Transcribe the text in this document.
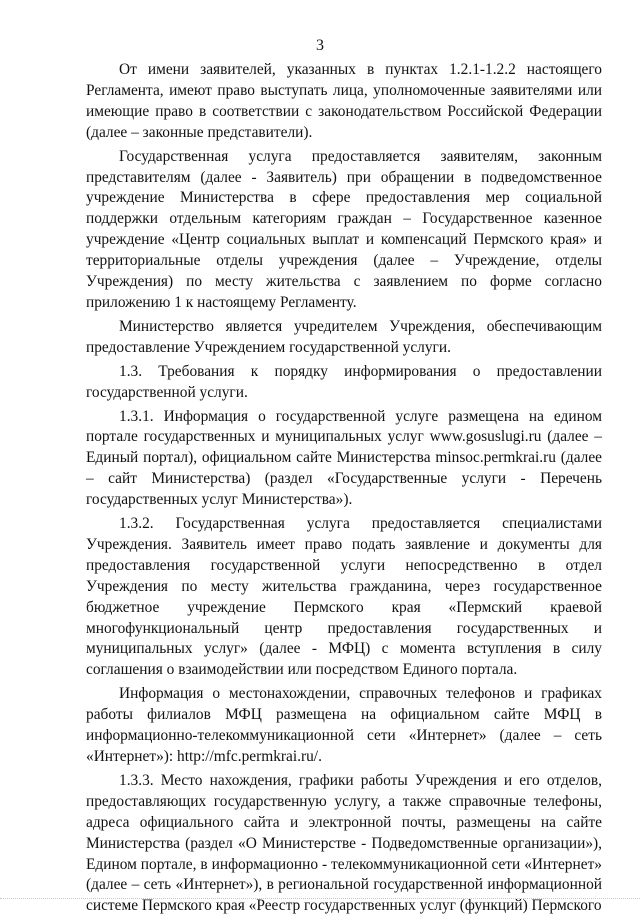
3

От имени заявителей, указанных в пунктах 1.2.1-1.2.2 настоящего Регламента, имеют право выступать лица, уполномоченные заявителями или имеющие право в соответствии с законодательством Российской Федерации (далее – законные представители).

Государственная услуга предоставляется заявителям, законным представителям (далее - Заявитель) при обращении в подведомственное учреждение Министерства в сфере предоставления мер социальной поддержки отдельным категориям граждан – Государственное казенное учреждение «Центр социальных выплат и компенсаций Пермского края» и территориальные отделы учреждения (далее – Учреждение, отделы Учреждения) по месту жительства с заявлением по форме согласно приложению 1 к настоящему Регламенту.

Министерство является учредителем Учреждения, обеспечивающим предоставление Учреждением государственной услуги.

1.3. Требования к порядку информирования о предоставлении государственной услуги.

1.3.1. Информация о государственной услуге размещена на едином портале государственных и муниципальных услуг www.gosuslugi.ru (далее – Единый портал), официальном сайте Министерства minsoc.permkrai.ru (далее – сайт Министерства) (раздел «Государственные услуги - Перечень государственных услуг Министерства»).

1.3.2. Государственная услуга предоставляется специалистами Учреждения. Заявитель имеет право подать заявление и документы для предоставления государственной услуги непосредственно в отдел Учреждения по месту жительства гражданина, через государственное бюджетное учреждение Пермского края «Пермский краевой многофункциональный центр предоставления государственных и муниципальных услуг» (далее - МФЦ) с момента вступления в силу соглашения о взаимодействии или посредством Единого портала.

Информация о местонахождении, справочных телефонов и графиках работы филиалов МФЦ размещена на официальном сайте МФЦ в информационно-телекоммуникационной сети «Интернет» (далее – сеть «Интернет»): http://mfc.permkrai.ru/.

1.3.3. Место нахождения, графики работы Учреждения и его отделов, предоставляющих государственную услугу, а также справочные телефоны, адреса официального сайта и электронной почты, размещены на сайте Министерства (раздел «О Министерстве - Подведомственные организации»), Едином портале, в информационно - телекоммуникационной сети «Интернет» (далее – сеть «Интернет»), в региональной государственной информационной системе Пермского края «Реестр государственных услуг (функций) Пермского
